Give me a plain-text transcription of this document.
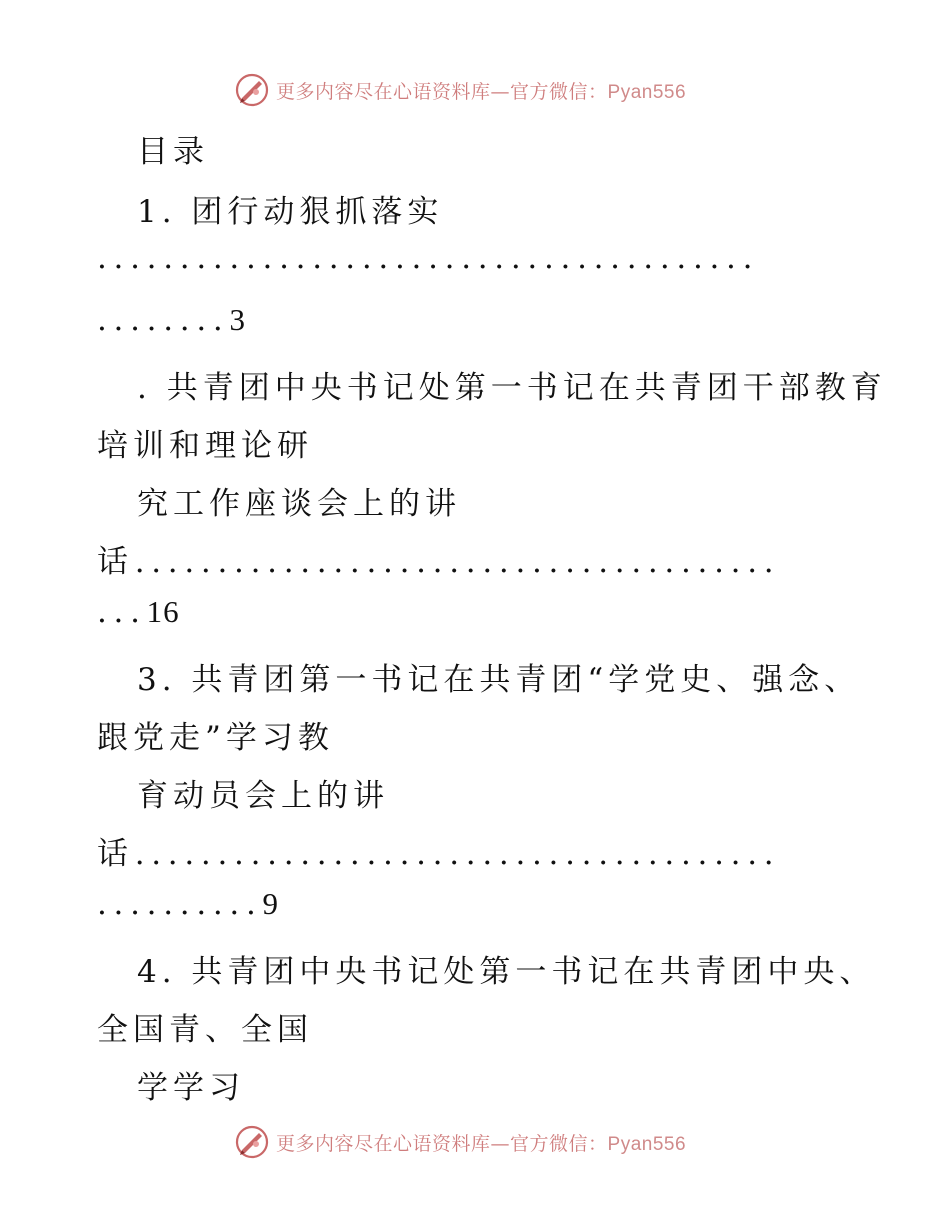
更多内容尽在心语资料库—官方微信：Pyan556
目录
1. 团行动狠抓落实
........................................
........3
. 共青团中央书记处第一书记在共青团干部教育
培训和理论研
究工作座谈会上的讲
话.......................................
...16
3. 共青团第一书记在共青团“学党史、强念、
跟党走”学习教
育动员会上的讲
话.......................................
..........9
4. 共青团中央书记处第一书记在共青团中央、
全国青、全国
学学习
更多内容尽在心语资料库—官方微信：Pyan556
